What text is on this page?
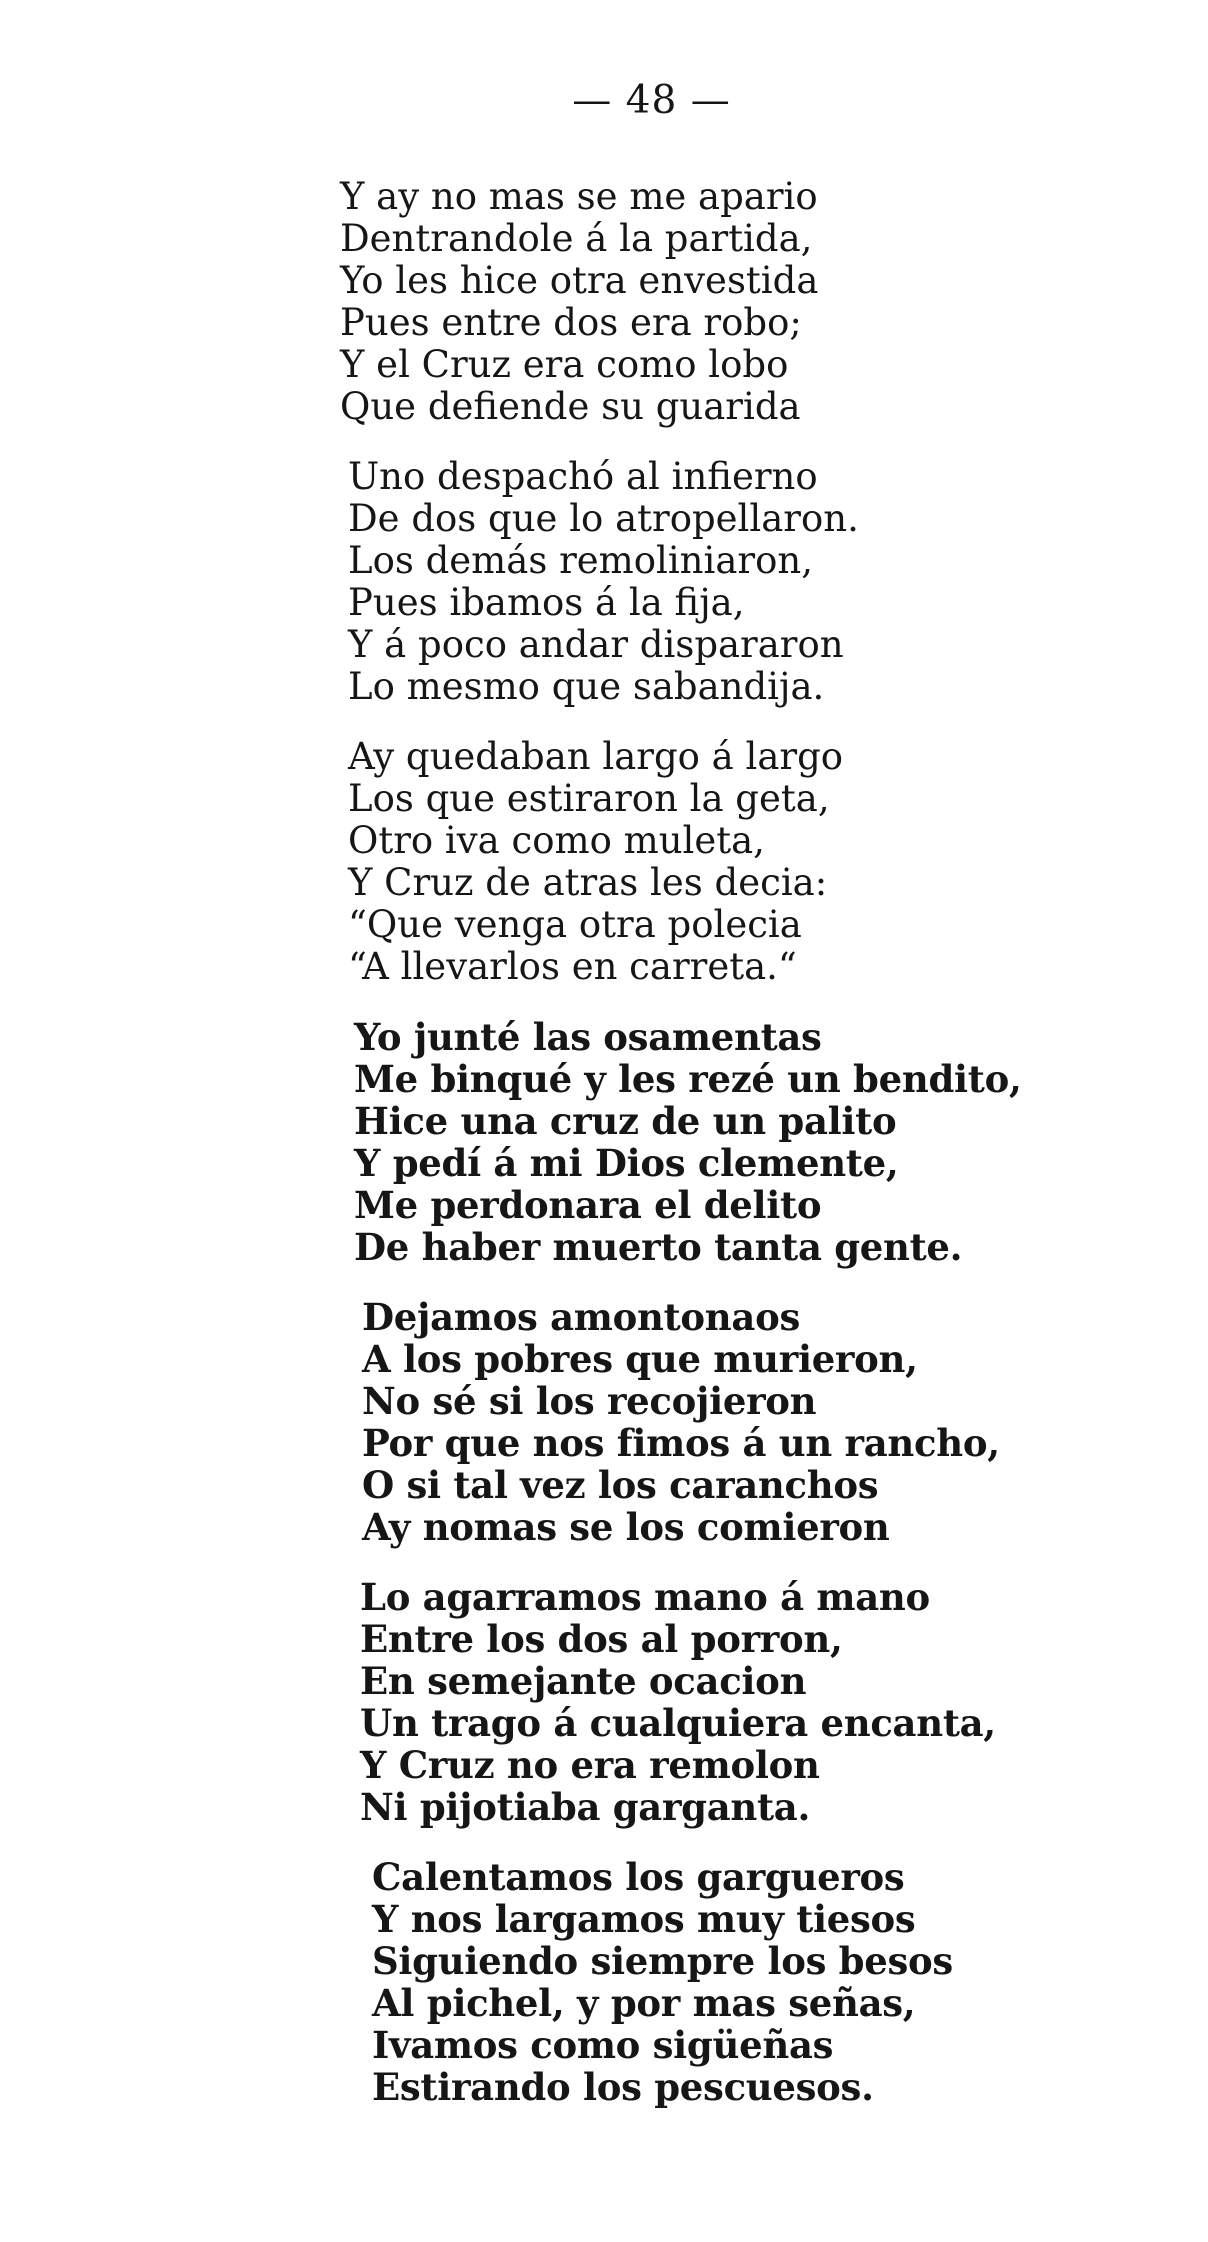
— 48 —
Y ay no mas se me apario
Dentrandole á la partida,
Yo les hice otra envestida
Pues entre dos era robo;
Y el Cruz era como lobo
Que defiende su guarida
Uno despachó al infierno
De dos que lo atropellaron.
Los demás remoliniaron,
Pues ibamos á la fija,
Y á poco andar dispararon
Lo mesmo que sabandija.
Ay quedaban largo á largo
Los que estiraron la geta,
Otro iva como muleta,
Y Cruz de atras les decia:
“Que venga otra polecia
“A llevarlos en carreta.“
Yo junté las osamentas
Me binqué y les rezé un bendito,
Hice una cruz de un palito
Y pedí á mi Dios clemente,
Me perdonara el delito
De haber muerto tanta gente.
Dejamos amontonaos
A los pobres que murieron,
No sé si los recojieron
Por que nos fimos á un rancho,
O si tal vez los caranchos
Ay nomas se los comieron
Lo agarramos mano á mano
Entre los dos al porron,
En semejante ocacion
Un trago á cualquiera encanta,
Y Cruz no era remolon
Ni pijotiaba garganta.
Calentamos los gargueros
Y nos largamos muy tiesos
Siguiendo siempre los besos
Al pichel, y por mas señas,
Ivamos como sigüeñas
Estirando los pescuesos.
